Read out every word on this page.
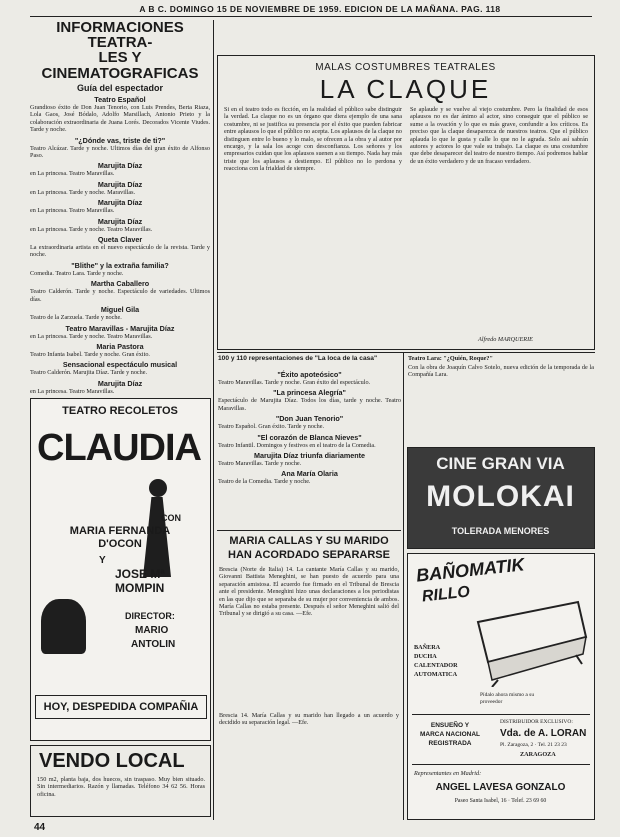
A B C. DOMINGO 15 DE NOVIEMBRE DE 1959. EDICION DE LA MAÑANA. PAG. 118
INFORMACIONES TEATRA-
LES Y CINEMATOGRAFICAS
Guía del espectador
Teatro Español
Grandioso éxito de Don Juan Tenorio, con Luis Prendes, Berta Riaza, Lola Gaos, José Bódalo, Adolfo Marsillach, Antonio Prieto y la colaboración extraordinaria de Juana Lorés. Decorados Vicente Viudes. Tarde y noche.
"¿Dónde vas, triste de ti?"
Teatro Alcázar. Tarde y noche. Ultimos días del gran éxito de Alfonso Paso.
Marujita Díaz
en La princesa. Teatro Maravillas.
Marujita Díaz
en La princesa. Tarde y noche. Maravillas.
Marujita Díaz
en La princesa. Teatro Maravillas.
Marujita Díaz
en La princesa. Tarde y noche. Teatro Maravillas.
Queta Claver
La extraordinaria artista en el nuevo espectáculo de la revista. Tarde y noche.
"Blithe" y la extraña familia?
Comedia. Teatro Lara. Tarde y noche.
Martha Caballero
Teatro Calderón. Tarde y noche. Espectáculo de variedades. Ultimos días.
Miguel Gila
Teatro de la Zarzuela. Tarde y noche.
Teatro Maravillas - Marujita Díaz
en La princesa. Tarde y noche. Teatro Maravillas.
Maria Pastora
Teatro Infanta Isabel. Tarde y noche. Gran éxito.
Sensacional espectáculo musical
Teatro Calderón. Marujita Díaz. Tarde y noche.
Marujita Díaz
en La princesa. Teatro Maravillas.
MALAS COSTUMBRES TEATRALES
LA CLAQUE
Si en el teatro todo es ficción, en la realidad el público sabe distinguir la verdad. La claque no es un órgano que diera ejemplo de una sana costumbre, ni se justifica su presencia por el éxito que pueden fabricar entre aplausos lo que el público no acepta. Los aplausos de la claque no distinguen entre lo bueno y lo malo, se ofrecen a la obra y al autor por encargo, y la sala los acoge con desconfianza. Los señores y los empresarios cuidan que los aplausos suenen a su tiempo. Nada hay más triste que los aplausos a destiempo. El público no lo perdona y reacciona con la frialdad de siempre.
Se aplaude y se vuelve al viejo costumbre. Pero la finalidad de esos aplausos no es dar ánimo al actor, sino conseguir que el público se sume a la ovación y lo que es más grave, confundir a los críticos. Es preciso que la claque desaparezca de nuestros teatros. Que el público aplauda lo que le gusta y calle lo que no le agrada. Solo así sabrán autores y actores lo que vale su trabajo. La claque es una costumbre que debe desaparecer del teatro de nuestro tiempo. Así podremos hablar de un éxito verdadero y de un fracaso verdadero.
Alfredo MARQUERIE
100 y 110 representaciones de "La loca de la casa"	Teatro Lara: "¿Quién, Roque?"
Con la obra de Joaquín Calvo Sotelo, nueva edición de la temporada de la Compañía Lara.
"Éxito apoteósico"
Teatro Maravillas. Tarde y noche. Gran éxito del espectáculo.
"La princesa Alegría"
Espectáculo de Marujita Díaz. Todos los días, tarde y noche. Teatro Maravillas.
"Don Juan Tenorio"
Teatro Español. Gran éxito. Tarde y noche.
"El corazón de Blanca Nieves"
Teatro Infantil. Domingos y festivos en el teatro de la Comedia.
Marujita Díaz triunfa diariamente
Teatro Maravillas. Tarde y noche.
Ana María Olaria
Teatro de la Comedia. Tarde y noche.
MARIA CALLAS Y SU MARIDO
HAN ACORDADO SEPARARSE
Brescia (Norte de Italia) 14. La cantante María Callas y su marido, Giovanni Battista Meneghini, se han puesto de acuerdo para una separación amistosa. El acuerdo fue firmado en el Tribunal de Brescia ante el presidente. Meneghini hizo unas declaraciones a los periodistas en las que dijo que se separaba de su mujer por conveniencia de ambos. María Callas no estaba presente. Después el señor Meneghini salió del Tribunal y se dirigió a su casa. —Efe.
Brescia 14. María Callas y su marido han llegado a un acuerdo y decidido su separación legal. —Efe.
TEATRO RECOLETOS
CLAUDIA
CON
MARIA FERNANDA
D'OCON
Y
JOSE Mª
MOMPIN
DIRECTOR:
MARIO
ANTOLIN
HOY, DESPEDIDA COMPAÑIA
VENDO LOCAL
150 m2, planta baja, dos huecos, sin traspaso. Muy bien situado. Sin intermediarios. Razón y llamadas. Teléfono 34 62 56. Horas oficina.
CINE GRAN VIA
MOLOKAI
TOLERADA MENORES
BAÑOMATIK
RILLO
BAÑERA
DUCHA
CALENTADOR
AUTOMATICA
Pídalo ahora mismo a su proveedor
ENSUEÑO Y
MARCA NACIONAL
REGISTRADA
DISTRIBUIDOR EXCLUSIVO:
Vda. de A. LORAN
Pl. Zaragoza, 2 · Tel. 21 23 23
ZARAGOZA
Representantes en Madrid:
ANGEL LAVESA GONZALO
Paseo Santa Isabel, 16 · Telef. 23 69 60
44
